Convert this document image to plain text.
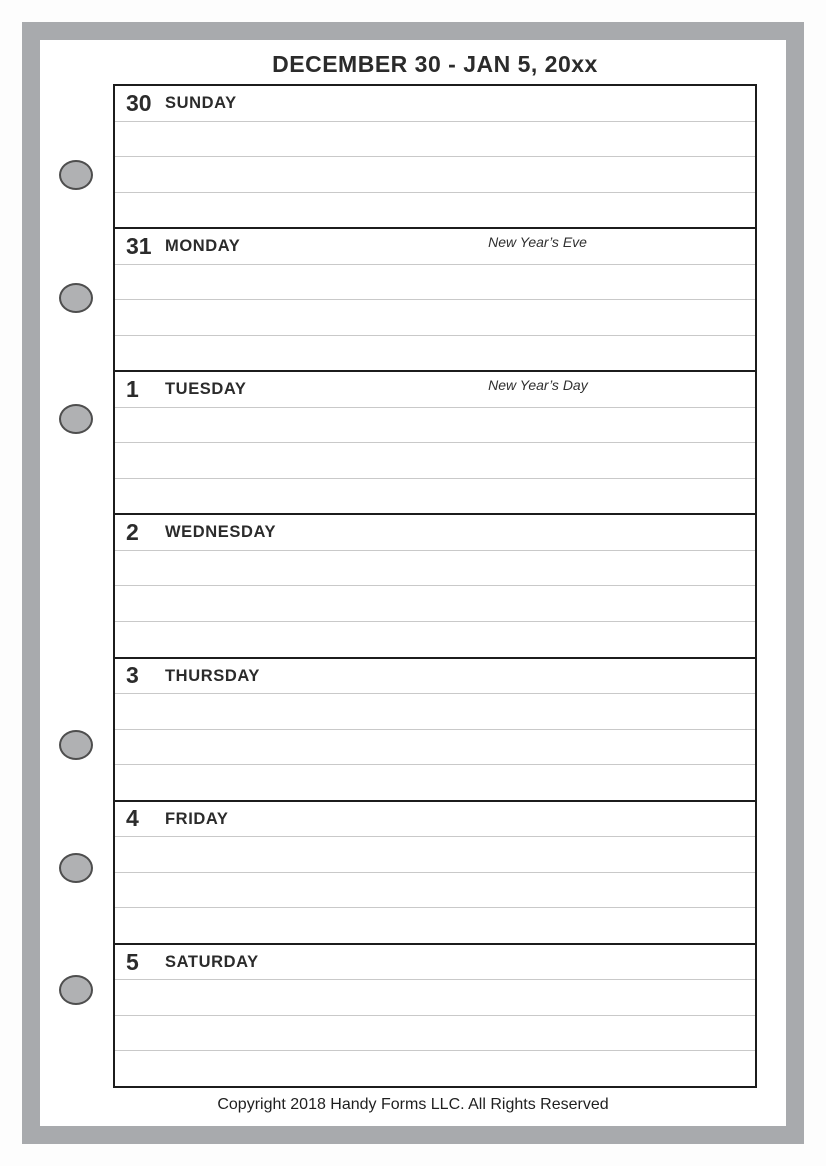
DECEMBER 30 - JAN 5, 20xx
30 SUNDAY
31 MONDAY	New Year’s Eve
1	TUESDAY	New Year’s Day
2	WEDNESDAY
3	THURSDAY
4	FRIDAY
5	SATURDAY
Copyright 2018 Handy Forms LLC. All Rights Reserved
